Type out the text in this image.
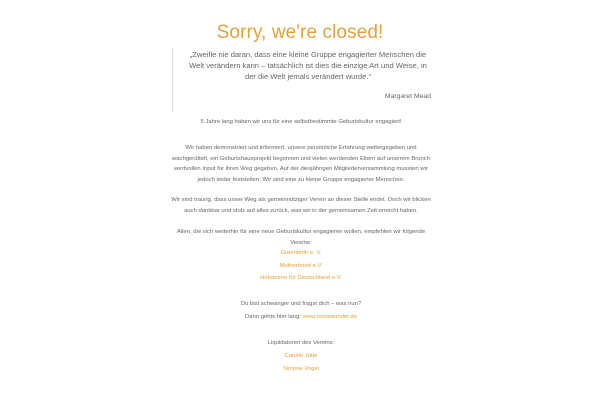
Sorry, we're closed!
„Zweifle nie daran, dass eine kleine Gruppe engagierter Menschen die Welt verändern kann – tatsächlich ist dies die einzige Art und Weise, in der die Welt jemals verändert wurde.“
Margaret Mead
5 Jahre lang haben wir uns für eine selbstbestimmte Geburtskultur engagiert!
Wir haben demonstriert und informiert, unsere persönliche Erfahrung weitergegeben und wachgerüttelt, ein Geburtshausprojekt begonnen und vielen werdenden Eltern auf unserem Brunch wertvollen Input für ihren Weg gegeben. Auf der diesjährigen Mitgliederversammlung mussten wir jedoch leider feststellen: Wir sind eine zu kleine Gruppe engagierter Menschen.
Wir sind traurig, dass unser Weg als gemeinnütziger Verein an dieser Stelle endet. Doch wir blicken auch dankbar und stolz auf alles zurück, was wir in der gemeinsamen Zeit erreicht haben.
Allen, die sich weiterhin für eine neue Geburtskultur engagieren wollen, empfehlen wir folgende Vereine:
Greenbirth e. V.
Motherhood e.V.
Hebamme für Deutschland e.V.
Du bist schwanger und fragst dich – was nun?
Dann gehts hier lang: www.nonawunder.de
Liquidatoren des Vereins:
Carolin Jütte
Simone Vogel
